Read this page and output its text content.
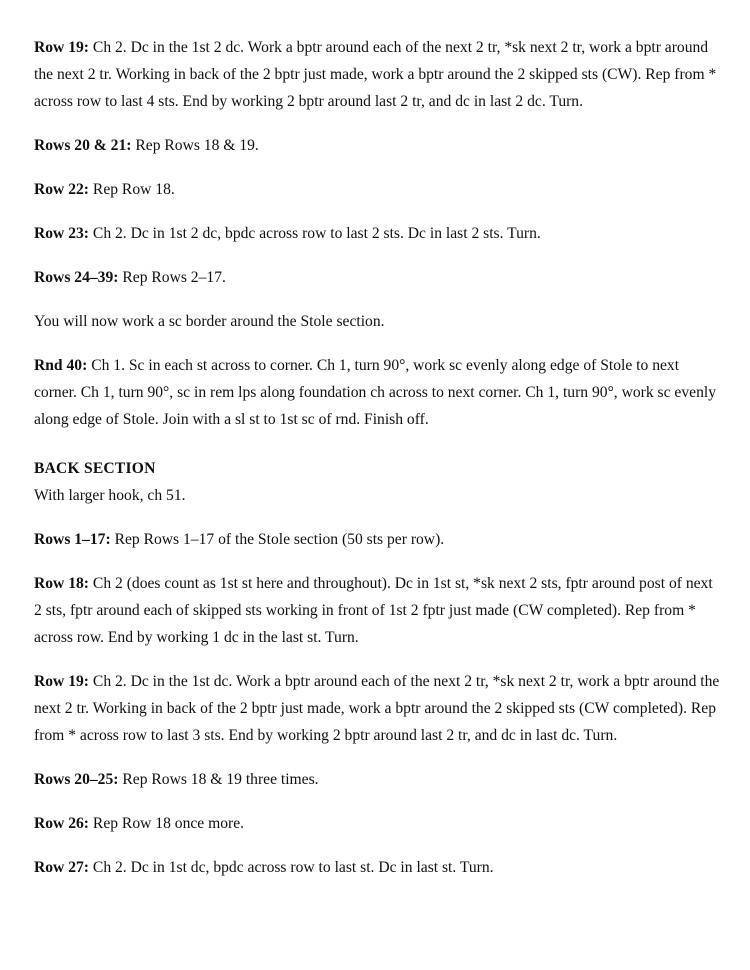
Row 19: Ch 2. Dc in the 1st 2 dc. Work a bptr around each of the next 2 tr, *sk next 2 tr, work a bptr around the next 2 tr. Working in back of the 2 bptr just made, work a bptr around the 2 skipped sts (CW). Rep from * across row to last 4 sts. End by working 2 bptr around last 2 tr, and dc in last 2 dc. Turn.

Rows 20 & 21: Rep Rows 18 & 19.

Row 22: Rep Row 18.

Row 23: Ch 2. Dc in 1st 2 dc, bpdc across row to last 2 sts. Dc in last 2 sts. Turn.

Rows 24–39: Rep Rows 2–17.

You will now work a sc border around the Stole section.

Rnd 40: Ch 1. Sc in each st across to corner. Ch 1, turn 90°, work sc evenly along edge of Stole to next corner. Ch 1, turn 90°, sc in rem lps along foundation ch across to next corner. Ch 1, turn 90°, work sc evenly along edge of Stole. Join with a sl st to 1st sc of rnd. Finish off.

BACK SECTION

With larger hook, ch 51.

Rows 1–17: Rep Rows 1–17 of the Stole section (50 sts per row).

Row 18: Ch 2 (does count as 1st st here and throughout). Dc in 1st st, *sk next 2 sts, fptr around post of next 2 sts, fptr around each of skipped sts working in front of 1st 2 fptr just made (CW completed). Rep from * across row. End by working 1 dc in the last st. Turn.

Row 19: Ch 2. Dc in the 1st dc. Work a bptr around each of the next 2 tr, *sk next 2 tr, work a bptr around the next 2 tr. Working in back of the 2 bptr just made, work a bptr around the 2 skipped sts (CW completed). Rep from * across row to last 3 sts. End by working 2 bptr around last 2 tr, and dc in last dc. Turn.

Rows 20–25: Rep Rows 18 & 19 three times.

Row 26: Rep Row 18 once more.

Row 27: Ch 2. Dc in 1st dc, bpdc across row to last st. Dc in last st. Turn.
